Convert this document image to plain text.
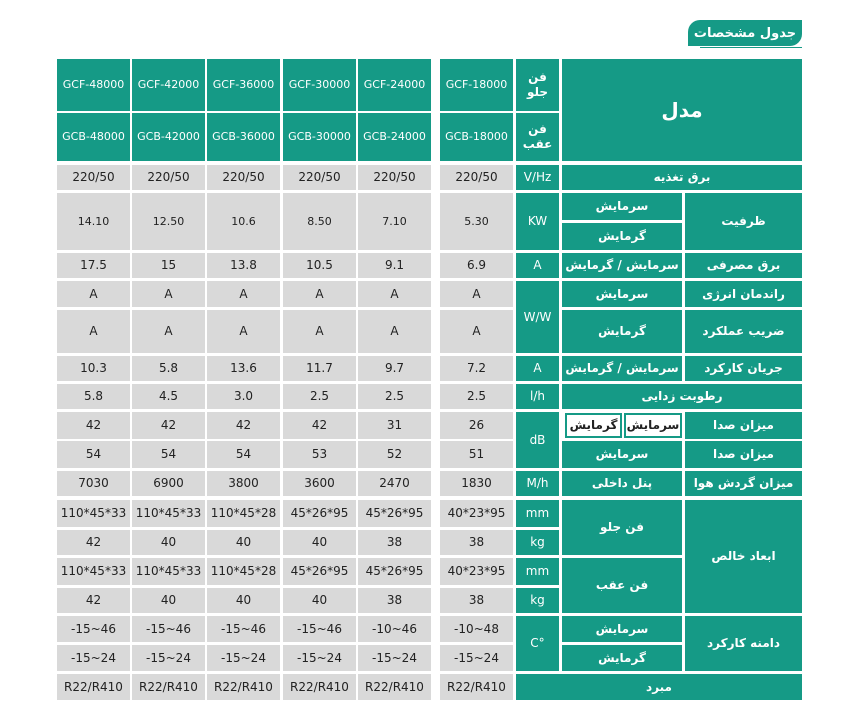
جدول مشخصات
GCF-18000
GCB-18000
220/50
5.30
6.9
A
A
7.2
2.5
26
51
1830
40*23*95
38
40*23*95
38
-10~48
-15~24
R22/R410
GCF-24000
GCB-24000
220/50
7.10
9.1
A
A
9.7
2.5
31
52
2470
45*26*95
38
45*26*95
38
-10~46
-15~24
R22/R410
GCF-30000
GCB-30000
220/50
8.50
10.5
A
A
11.7
2.5
42
53
3600
45*26*95
40
45*26*95
40
-15~46
-15~24
R22/R410
GCF-36000
GCB-36000
220/50
10.6
13.8
A
A
13.6
3.0
42
54
3800
110*45*28
40
110*45*28
40
-15~46
-15~24
R22/R410
GCF-42000
GCB-42000
220/50
12.50
15
A
A
5.8
4.5
42
54
6900
110*45*33
40
110*45*33
40
-15~46
-15~24
R22/R410
GCF-48000
GCB-48000
220/50
14.10
17.5
A
A
10.3
5.8
42
54
7030
110*45*33
42
110*45*33
42
-15~46
-15~24
R22/R410
فن
جلو
فن
عقب
V/Hz
KW
A
W/W
A
l/h
dB
M/h
mm
kg
mm
kg
C°
مدل
برق تغذیه
ظرفیت
سرمایش
گرمایش
برق مصرفی
سرمایش / گرمایش
راندمان انرژی
سرمایش
ضریب عملکرد
گرمایش
جریان کارکرد
سرمایش / گرمایش
رطوبت زدایی
میزان صدا
سرمایش
گرمایش
میزان صدا
سرمایش
میزان گردش هوا
پنل داخلی
ابعاد خالص
فن جلو
فن عقب
دامنه کارکرد
سرمایش
گرمایش
مبرد
